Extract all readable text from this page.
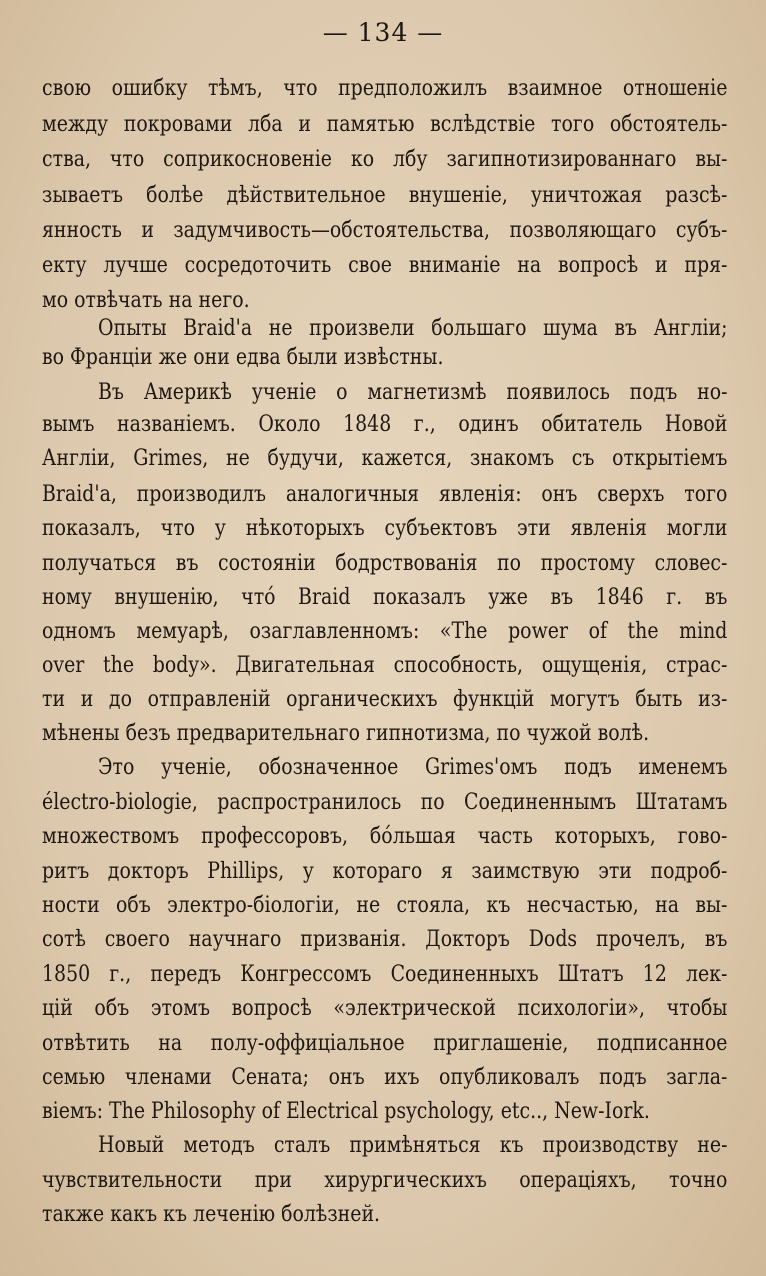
— 134 —
свою ошибку тѣмъ, что предположилъ взаимное отношеніе
между покровами лба и памятью вслѣдствіе того обстоятель-
ства, что соприкосновеніе ко лбу загипнотизированнаго вы-
зываетъ болѣе дѣйствительное внушеніе, уничтожая разсѣ-
янность и задумчивость—обстоятельства, позволяющаго субъ-
екту лучше сосредоточить свое вниманіе на вопросѣ и пря-
мо отвѣчать на него.
Опыты Braid'a не произвели большаго шума въ Англіи;
во Франціи же они едва были извѣстны.
Въ Америкѣ ученіе о магнетизмѣ появилось подъ но-
вымъ названіемъ. Около 1848 г., одинъ обитатель Новой
Англіи, Grimes, не будучи, кажется, знакомъ съ открытіемъ
Braid'a, производилъ аналогичныя явленія: онъ сверхъ того
показалъ, что у нѣкоторыхъ субъектовъ эти явленія могли
получаться въ состояніи бодрствованія по простому словес-
ному внушенію, что́ Braid показалъ уже въ 1846 г. въ
одномъ мемуарѣ, озаглавленномъ: «The power of the mind
over the body». Двигательная способность, ощущенія, страс-
ти и до отправленій органическихъ функцій могутъ быть из-
мѣнены безъ предварительнаго гипнотизма, по чужой волѣ.
Это ученіе, обозначенное Grimes'омъ подъ именемъ
électro-biologie, распространилось по Соединеннымъ Штатамъ
множествомъ профессоровъ, бо́льшая часть которыхъ, гово-
ритъ докторъ Phillips, у котораго я заимствую эти подроб-
ности объ электро-біологіи, не стояла, къ несчастью, на вы-
сотѣ своего научнаго призванія. Докторъ Dods прочелъ, въ
1850 г., передъ Конгрессомъ Соединенныхъ Штатъ 12 лек-
цій объ этомъ вопросѣ «электрической психологіи», чтобы
отвѣтить на полу-оффиціальное приглашеніе, подписанное
семью членами Сената; онъ ихъ опубликовалъ подъ загла-
віемъ: The Philosophy of Electrical psychology, etc.., New-Iork.
Новый методъ сталъ примѣняться къ производству не-
чувствительности при хирургическихъ операціяхъ, точно
также какъ къ леченію болѣзней.
